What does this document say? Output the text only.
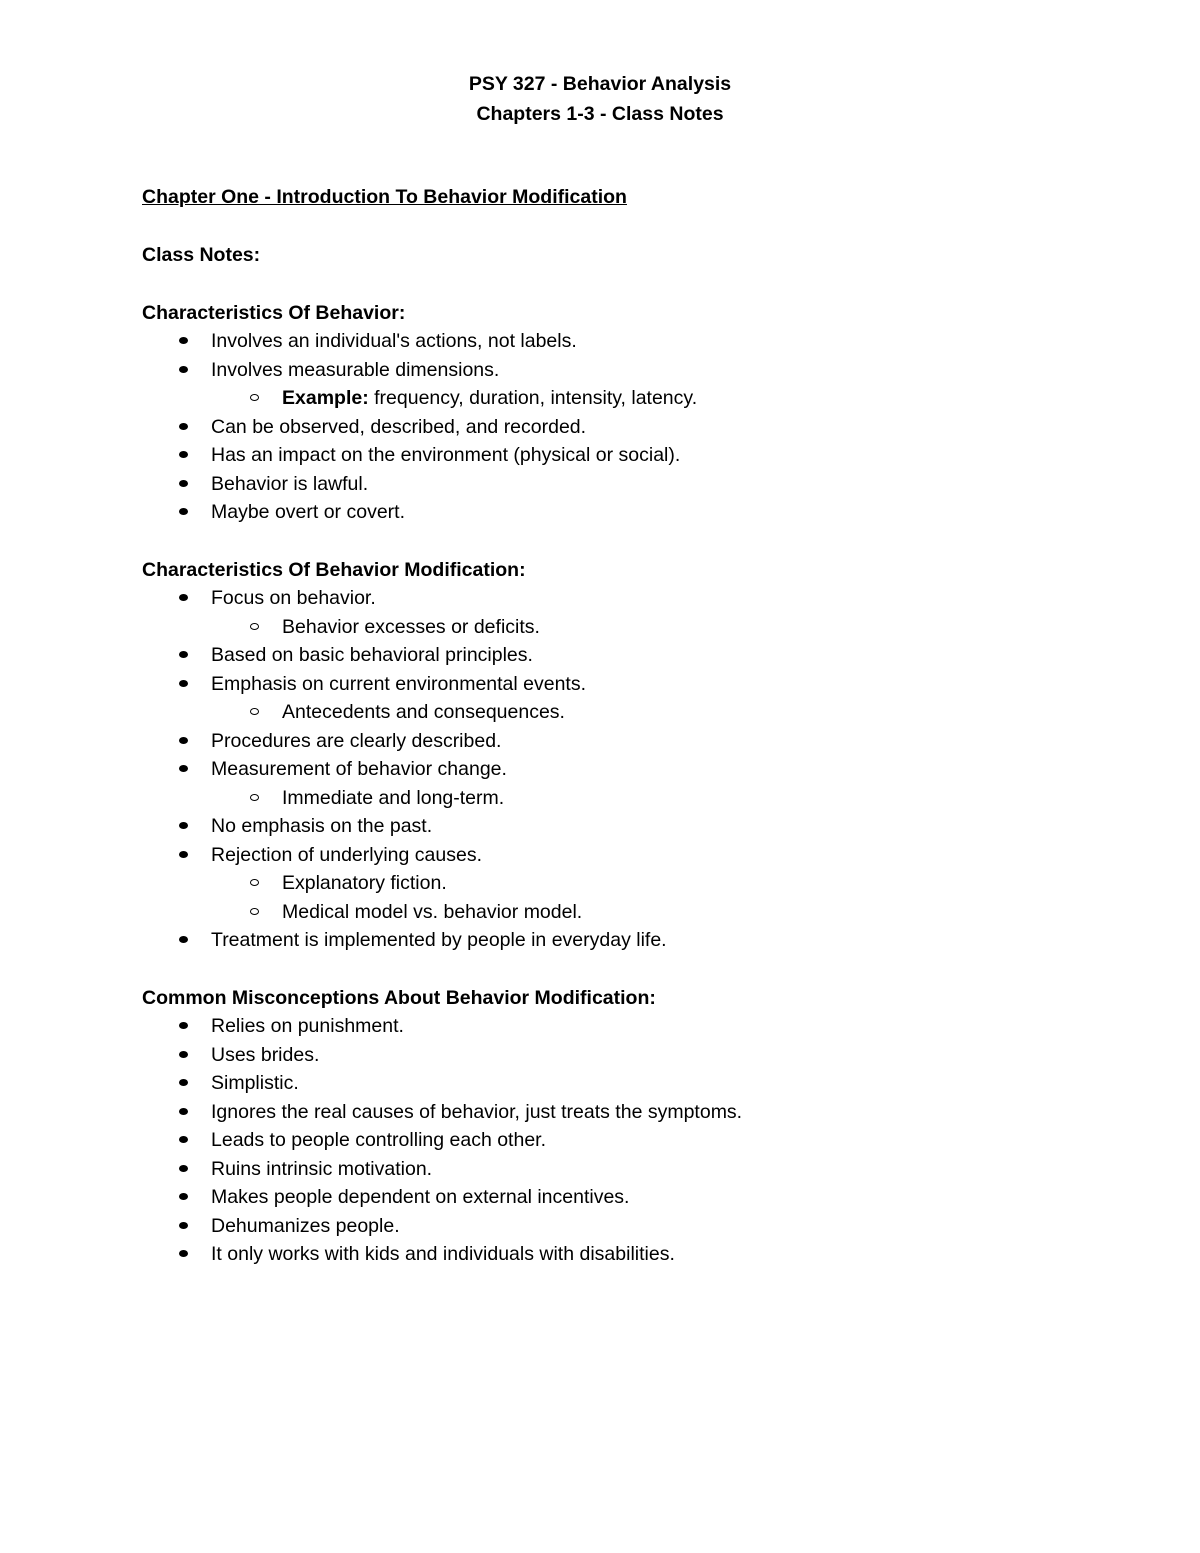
PSY 327 - Behavior Analysis
Chapters 1-3 - Class Notes

Chapter One - Introduction To Behavior Modification

Class Notes:

Characteristics Of Behavior:

Involves an individual's actions, not labels.
Involves measurable dimensions.
Example: frequency, duration, intensity, latency.
Can be observed, described, and recorded.
Has an impact on the environment (physical or social).
Behavior is lawful.
Maybe overt or covert.

Characteristics Of Behavior Modification:

Focus on behavior.
Behavior excesses or deficits.
Based on basic behavioral principles.
Emphasis on current environmental events.
Antecedents and consequences.
Procedures are clearly described.
Measurement of behavior change.
Immediate and long-term.
No emphasis on the past.
Rejection of underlying causes.
Explanatory fiction.
Medical model vs. behavior model.
Treatment is implemented by people in everyday life.

Common Misconceptions About Behavior Modification:

Relies on punishment.
Uses brides.
Simplistic.
Ignores the real causes of behavior, just treats the symptoms.
Leads to people controlling each other.
Ruins intrinsic motivation.
Makes people dependent on external incentives.
Dehumanizes people.
It only works with kids and individuals with disabilities.
